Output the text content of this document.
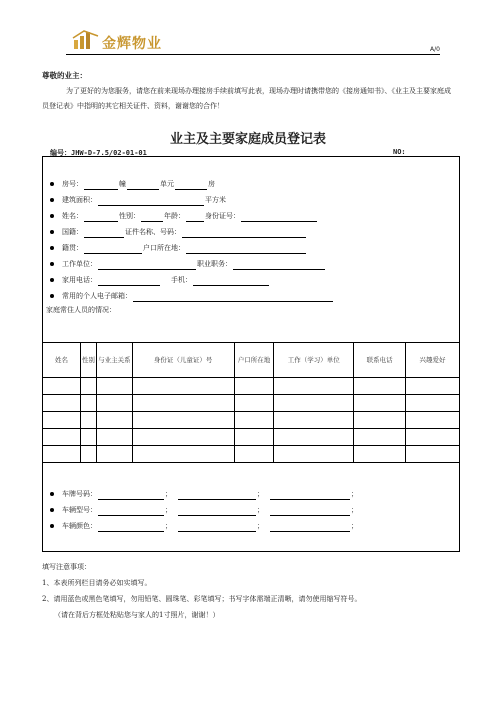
金辉物业	A/0
尊敬的业主：
为了更好的为您服务，请您在前来现场办理接房手续前填写此表，现场办理时请携带您的《接房通知书》、《业主及主要家庭成员登记表》中指明的其它相关证件、资料，谢谢您的合作！
业主及主要家庭成员登记表
编号：JHW-D-7.5/02-01-01	NO:
房号：	幢	单元	房
建筑面积：	平方米
姓名：	性别：	年龄：	身份证号：
国籍：	证件名称、号码：
籍贯：	户口所在地：
工作单位：	职业职务：
家用电话：	手机：
常用的个人电子邮箱：
家庭常住人员的情况：
姓名	性别	与业主关系	身份证（儿童证）号	户口所在地	工作（学习）单位	联系电话	兴趣爱好

车牌号码：	；	；	；
车辆型号：	；	；	；
车辆颜色：	；	；	；
填写注意事项：
1、本表所列栏目请务必如实填写。
2、请用蓝色或黑色笔填写，勿用铅笔、圆珠笔、彩笔填写；书写字体需端正清晰，请勿使用缩写符号。
（请在背后方框处粘贴您与家人的1寸照片，谢谢！）
